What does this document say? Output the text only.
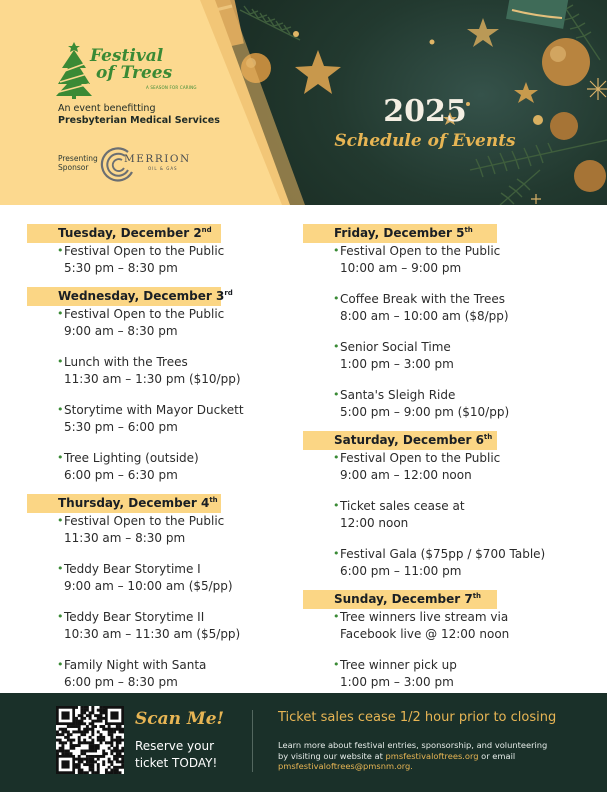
Festival
of Trees
A SEASON FOR CARING
An event benefitting
Presbyterian Medical Services
Presenting
Sponsor
MERRION
OIL & GAS
2025
Schedule of Events
Tuesday, December 2nd
• Festival Open to the Public
5:30 pm – 8:30 pm
Wednesday, December 3rd
• Festival Open to the Public
9:00 am – 8:30 pm
• Lunch with the Trees
11:30 am – 1:30 pm ($10/pp)
• Storytime with Mayor Duckett
5:30 pm – 6:00 pm
• Tree Lighting (outside)
6:00 pm – 6:30 pm
Thursday, December 4th
• Festival Open to the Public
11:30 am – 8:30 pm
• Teddy Bear Storytime I
9:00 am – 10:00 am ($5/pp)
• Teddy Bear Storytime II
10:30 am – 11:30 am ($5/pp)
• Family Night with Santa
6:00 pm – 8:30 pm
Friday, December 5th
• Festival Open to the Public
10:00 am – 9:00 pm
• Coffee Break with the Trees
8:00 am – 10:00 am ($8/pp)
• Senior Social Time
1:00 pm – 3:00 pm
• Santa's Sleigh Ride
5:00 pm – 9:00 pm ($10/pp)
Saturday, December 6th
• Festival Open to the Public
9:00 am – 12:00 noon
• Ticket sales cease at
12:00 noon
• Festival Gala ($75pp / $700 Table)
6:00 pm – 11:00 pm
Sunday, December 7th
• Tree winners live stream via
Facebook live @ 12:00 noon
• Tree winner pick up
1:00 pm – 3:00 pm
Scan Me!
Reserve your
ticket TODAY!
Ticket sales cease 1/2 hour prior to closing
Learn more about festival entries, sponsorship, and volunteering by visiting our website at pmsfestivaloftrees.org or email pmsfestivaloftrees@pmsnm.org.
